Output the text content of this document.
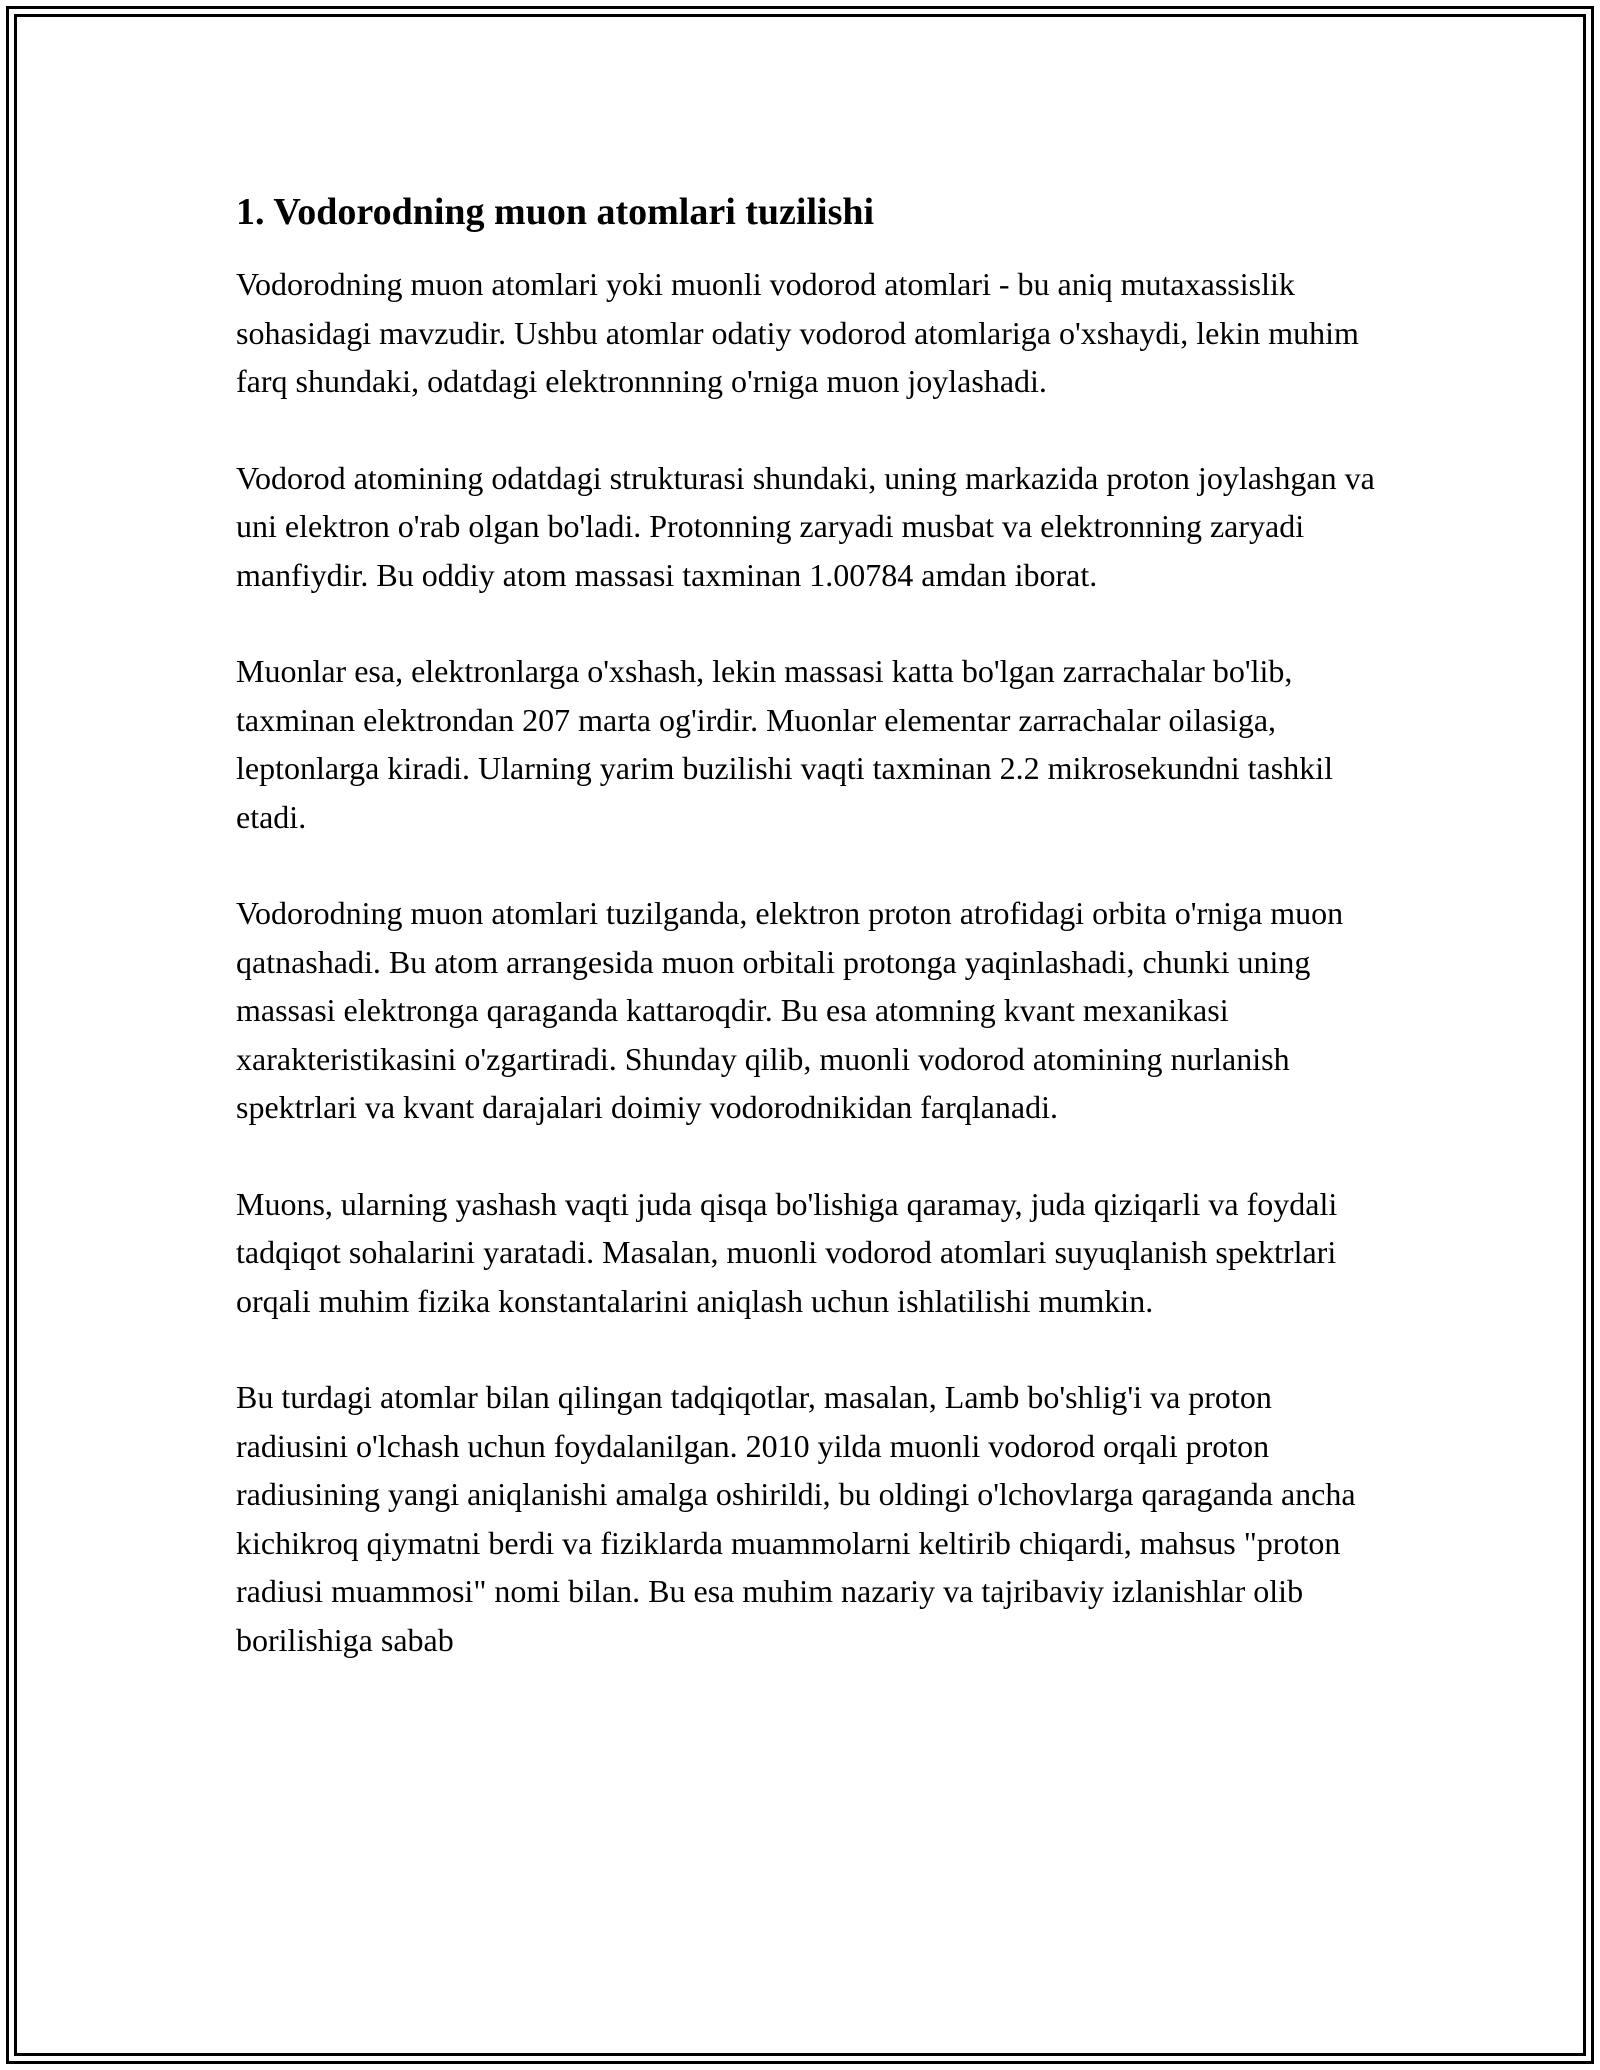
1. Vodorodning muon atomlari tuzilishi

Vodorodning muon atomlari yoki muonli vodorod atomlari - bu aniq mutaxassislik sohasidagi mavzudir. Ushbu atomlar odatiy vodorod atomlariga o'xshaydi, lekin muhim farq shundaki, odatdagi elektronnning o'rniga muon joylashadi.

Vodorod atomining odatdagi strukturasi shundaki, uning markazida proton joylashgan va uni elektron o'rab olgan bo'ladi. Protonning zaryadi musbat va elektronning zaryadi manfiydir. Bu oddiy atom massasi taxminan 1.00784 amdan iborat.

Muonlar esa, elektronlarga o'xshash, lekin massasi katta bo'lgan zarrachalar bo'lib, taxminan elektrondan 207 marta og'irdir. Muonlar elementar zarrachalar oilasiga, leptonlarga kiradi. Ularning yarim buzilishi vaqti taxminan 2.2 mikrosekundni tashkil etadi.

Vodorodning muon atomlari tuzilganda, elektron proton atrofidagi orbita o'rniga muon qatnashadi. Bu atom arrangesida muon orbitali protonga yaqinlashadi, chunki uning massasi elektronga qaraganda kattaroqdir. Bu esa atomning kvant mexanikasi xarakteristikasini o'zgartiradi. Shunday qilib, muonli vodorod atomining nurlanish spektrlari va kvant darajalari doimiy vodorodnikidan farqlanadi.

Muons, ularning yashash vaqti juda qisqa bo'lishiga qaramay, juda qiziqarli va foydali tadqiqot sohalarini yaratadi. Masalan, muonli vodorod atomlari suyuqlanish spektrlari orqali muhim fizika konstantalarini aniqlash uchun ishlatilishi mumkin.

Bu turdagi atomlar bilan qilingan tadqiqotlar, masalan, Lamb bo'shlig'i va proton radiusini o'lchash uchun foydalanilgan. 2010 yilda muonli vodorod orqali proton radiusining yangi aniqlanishi amalga oshirildi, bu oldingi o'lchovlarga qaraganda ancha kichikroq qiymatni berdi va fiziklarda muammolarni keltirib chiqardi, mahsus "proton radiusi muammosi" nomi bilan. Bu esa muhim nazariy va tajribaviy izlanishlar olib borilishiga sabab
